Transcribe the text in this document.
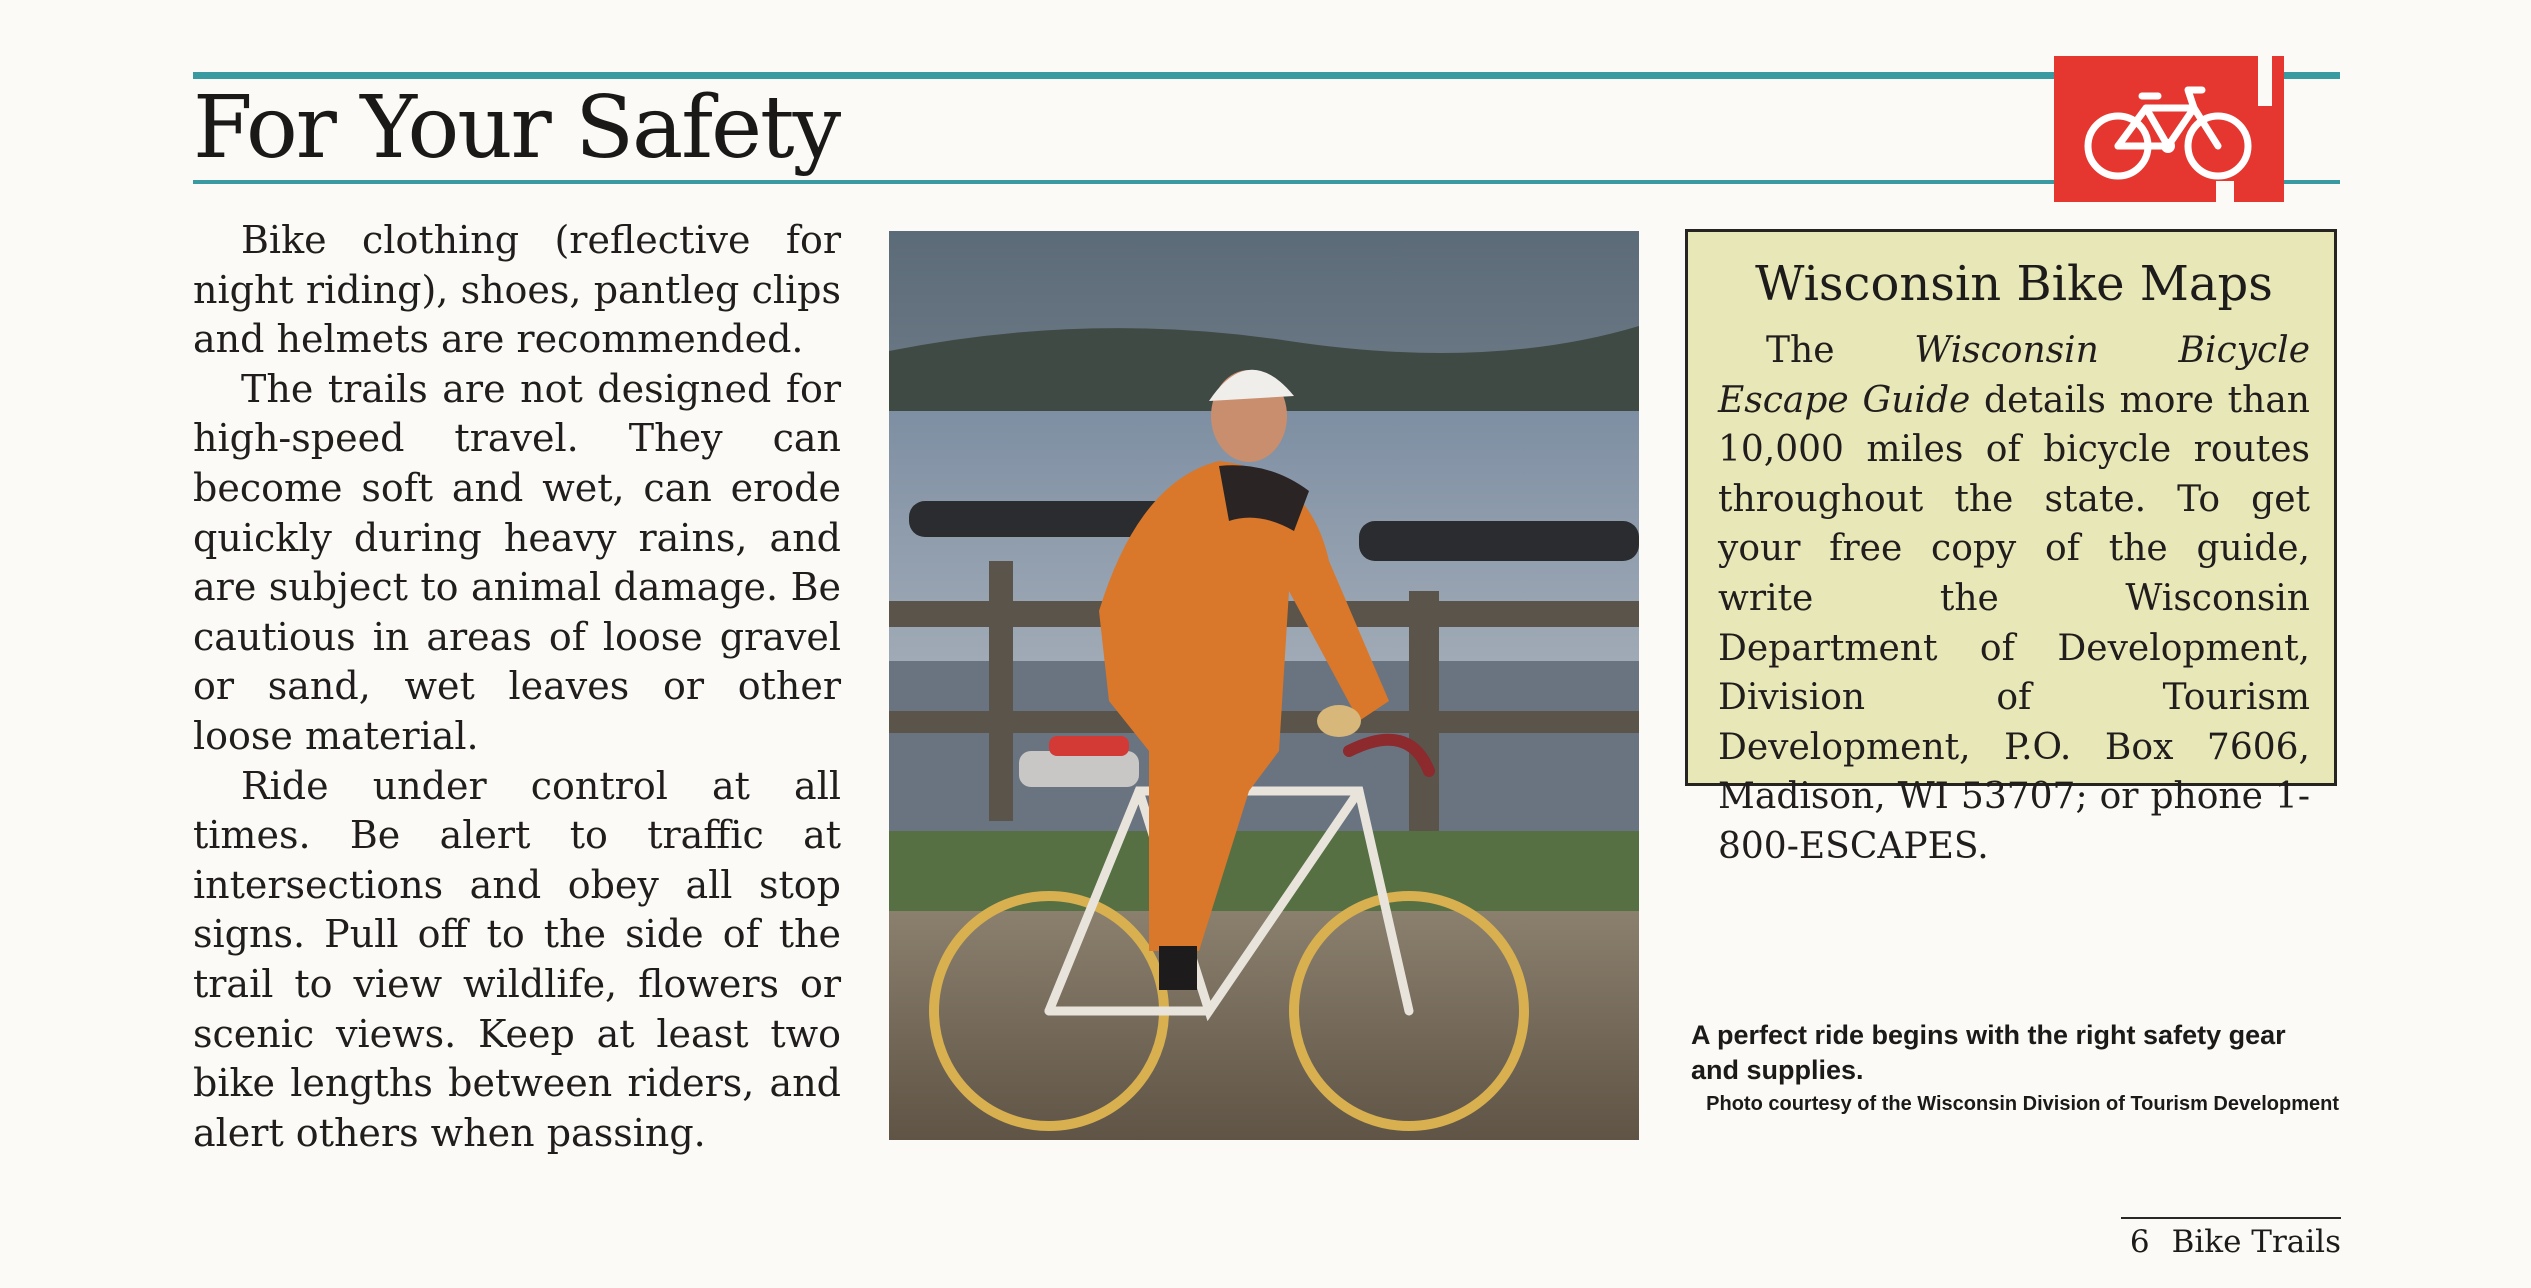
For Your Safety

Bike clothing (reflective for night riding), shoes, pantleg clips and helmets are recommended.

The trails are not designed for high-speed travel. They can become soft and wet, can erode quickly during heavy rains, and are subject to animal damage. Be cautious in areas of loose gravel or sand, wet leaves or other loose material.

Ride under control at all times. Be alert to traffic at intersections and obey all stop signs. Pull off to the side of the trail to view wildlife, flowers or scenic views. Keep at least two bike lengths between riders, and alert others when passing.

Wisconsin Bike Maps

The Wisconsin Bicycle Escape Guide details more than 10,000 miles of bicycle routes throughout the state. To get your free copy of the guide, write the Wisconsin Department of Development, Division of Tourism Development, P.O. Box 7606, Madison, WI 53707; or phone 1-800-ESCAPES.

A perfect ride begins with the right safety gear and supplies.
Photo courtesy of the Wisconsin Division of Tourism Development
6 Bike Trails
